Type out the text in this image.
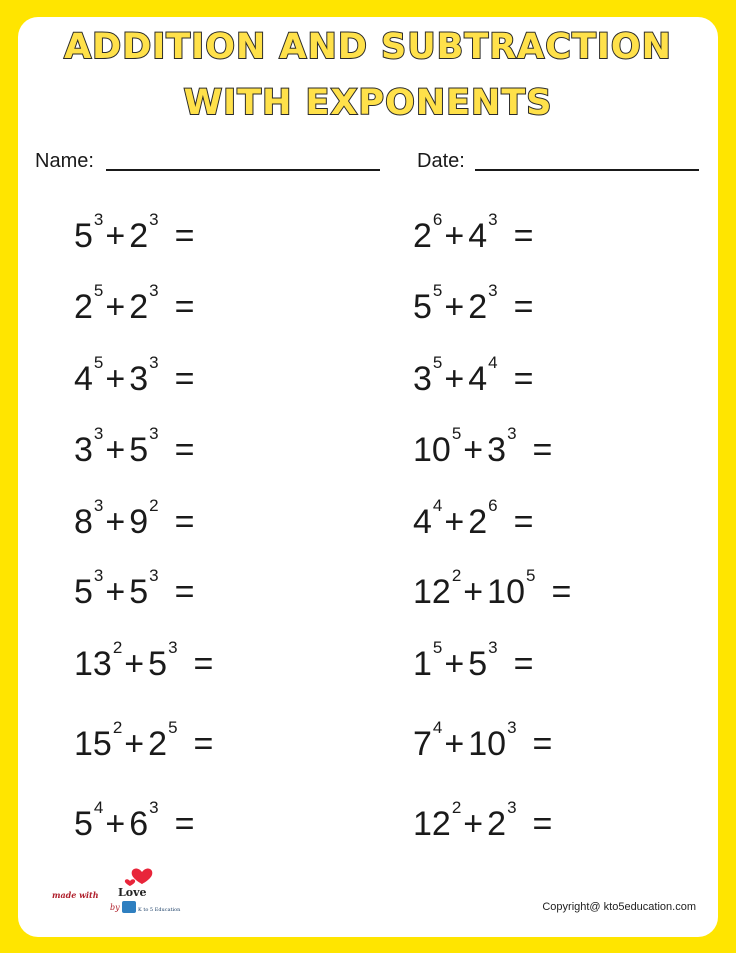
ADDITION AND SUBTRACTION
WITH EXPONENTS
Name:	Date:
$5^3+ 2^3$ =
$2^5+ 2^3$ =
$4^5+ 3^3$ =
$3^3+ 5^3$ =
$8^3+ 9^2$ =
$5^3+ 5^3$ =
$13^2+ 5^3$ =
$15^2+ 2^5$ =
$5^4+ 6^3$ =
$2^6+ 4^3$ =
$5^5+ 2^3$ =
$3^5+ 4^4$ =
$10^5+ 3^3$ =
$4^4+ 2^6$ =
$12^2+ 10^5$ =
$1^5+ 5^3$ =
$7^4+ 10^3$ =
$12^2+ 2^3$ =
made with Love
by	K to 5 Education	Copyright@ kto5education.com
